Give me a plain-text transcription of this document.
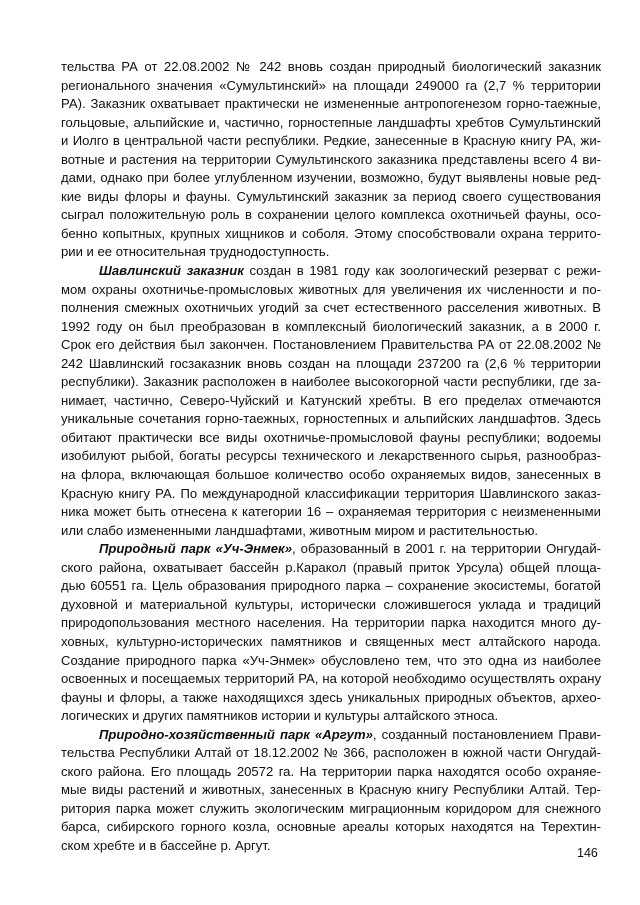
тельства РА от 22.08.2002 № 242 вновь создан природный биологический заказник
регионального значения «Сумультинский» на площади 249000 га (2,7 % территории
РА). Заказник охватывает практически не измененные антропогенезом горно-таежные,
гольцовые, альпийские и, частично, горностепные ландшафты хребтов Сумультинский
и Иолго в центральной части республики. Редкие, занесенные в Красную книгу РА, жи-
вотные и растения на территории Сумультинского заказника представлены всего 4 ви-
дами, однако при более углубленном изучении, возможно, будут выявлены новые ред-
кие виды флоры и фауны. Сумультинский заказник за период своего существования
сыграл положительную роль в сохранении целого комплекса охотничьей фауны, осо-
бенно копытных, крупных хищников и соболя. Этому способствовали охрана террито-
рии и ее относительная труднодоступность.
Шавлинский заказник создан в 1981 году как зоологический резерват с режи-
мом охраны охотничье-промысловых животных для увеличения их численности и по-
полнения смежных охотничьих угодий за счет естественного расселения животных. В
1992 году он был преобразован в комплексный биологический заказник, а в 2000 г.
Срок его действия был закончен. Постановлением Правительства РА от 22.08.2002 №
242 Шавлинский госзаказник вновь создан на площади 237200 га (2,6 % территории
республики). Заказник расположен в наиболее высокогорной части республики, где за-
нимает, частично, Северо-Чуйский и Катунский хребты. В его пределах отмечаются
уникальные сочетания горно-таежных, горностепных и альпийских ландшафтов. Здесь
обитают практически все виды охотничье-промысловой фауны республики; водоемы
изобилуют рыбой, богаты ресурсы технического и лекарственного сырья, разнообраз-
на флора, включающая большое количество особо охраняемых видов, занесенных в
Красную книгу РА. По международной классификации территория Шавлинского заказ-
ника может быть отнесена к категории 16 – охраняемая территория с неизмененными
или слабо измененными ландшафтами, животным миром и растительностью.
Природный парк «Уч-Энмек», образованный в 2001 г. на территории Онгудай-
ского района, охватывает бассейн р.Каракол (правый приток Урсула) общей площа-
дью 60551 га. Цель образования природного парка – сохранение экосистемы, богатой
духовной и материальной культуры, исторически сложившегося уклада и традиций
природопользования местного населения. На территории парка находится много ду-
ховных, культурно-исторических памятников и священных мест алтайского народа.
Создание природного парка «Уч-Энмек» обусловлено тем, что это одна из наиболее
освоенных и посещаемых территорий РА, на которой необходимо осуществлять охрану
фауны и флоры, а также находящихся здесь уникальных природных объектов, археo-
логических и других памятников истории и культуры алтайского этноса.
Природно-хозяйственный парк «Аргут», созданный постановлением Прави-
тельства Республики Алтай от 18.12.2002 № 366, расположен в южной части Онгудай-
ского района. Его площадь 20572 га. На территории парка находятся особо охраняе-
мые виды растений и животных, занесенных в Красную книгу Республики Алтай. Тер-
ритория парка может служить экологическим миграционным коридором для снежного
барса, сибирского горного козла, основные ареалы которых находятся на Терехтин-
ском хребте и в бассейне р. Аргут.
146
